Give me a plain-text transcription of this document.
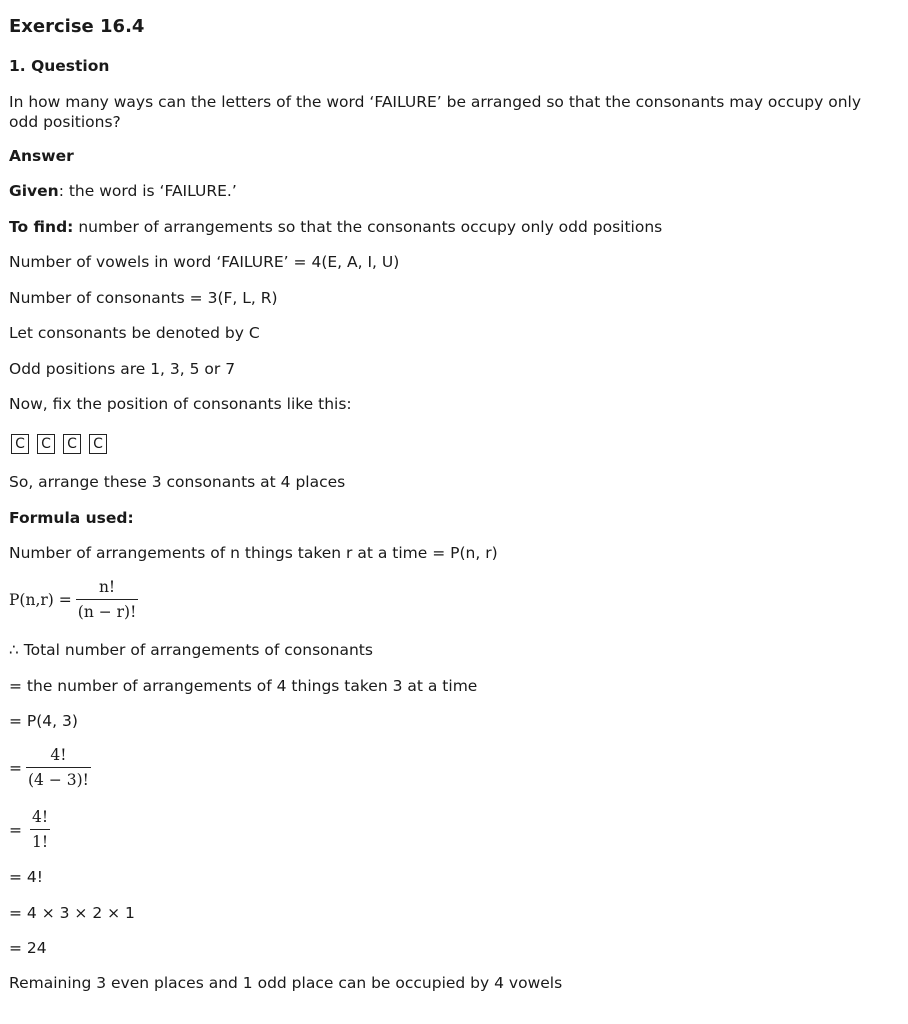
Exercise 16.4
1. Question
In how many ways can the letters of the word ‘FAILURE’ be arranged so that the consonants may occupy only odd positions?
Answer
Given: the word is ‘FAILURE.’
To find: number of arrangements so that the consonants occupy only odd positions
Number of vowels in word ‘FAILURE’ = 4(E, A, I, U)
Number of consonants = 3(F, L, R)
Let consonants be denoted by C
Odd positions are 1, 3, 5 or 7
Now, fix the position of consonants like this:
C C C C
So, arrange these 3 consonants at 4 places
Formula used:
Number of arrangements of n things taken r at a time = P(n, r)
$P(n,r) = \frac{n!}{(n - r)!}$
∴ Total number of arrangements of consonants
= the number of arrangements of 4 things taken 3 at a time
= P(4, 3)
= $\frac{4!}{(4 - 3)!}$
= $\frac{4!}{1!}$
= 4!
= 4 × 3 × 2 × 1
= 24
Remaining 3 even places and 1 odd place can be occupied by 4 vowels
